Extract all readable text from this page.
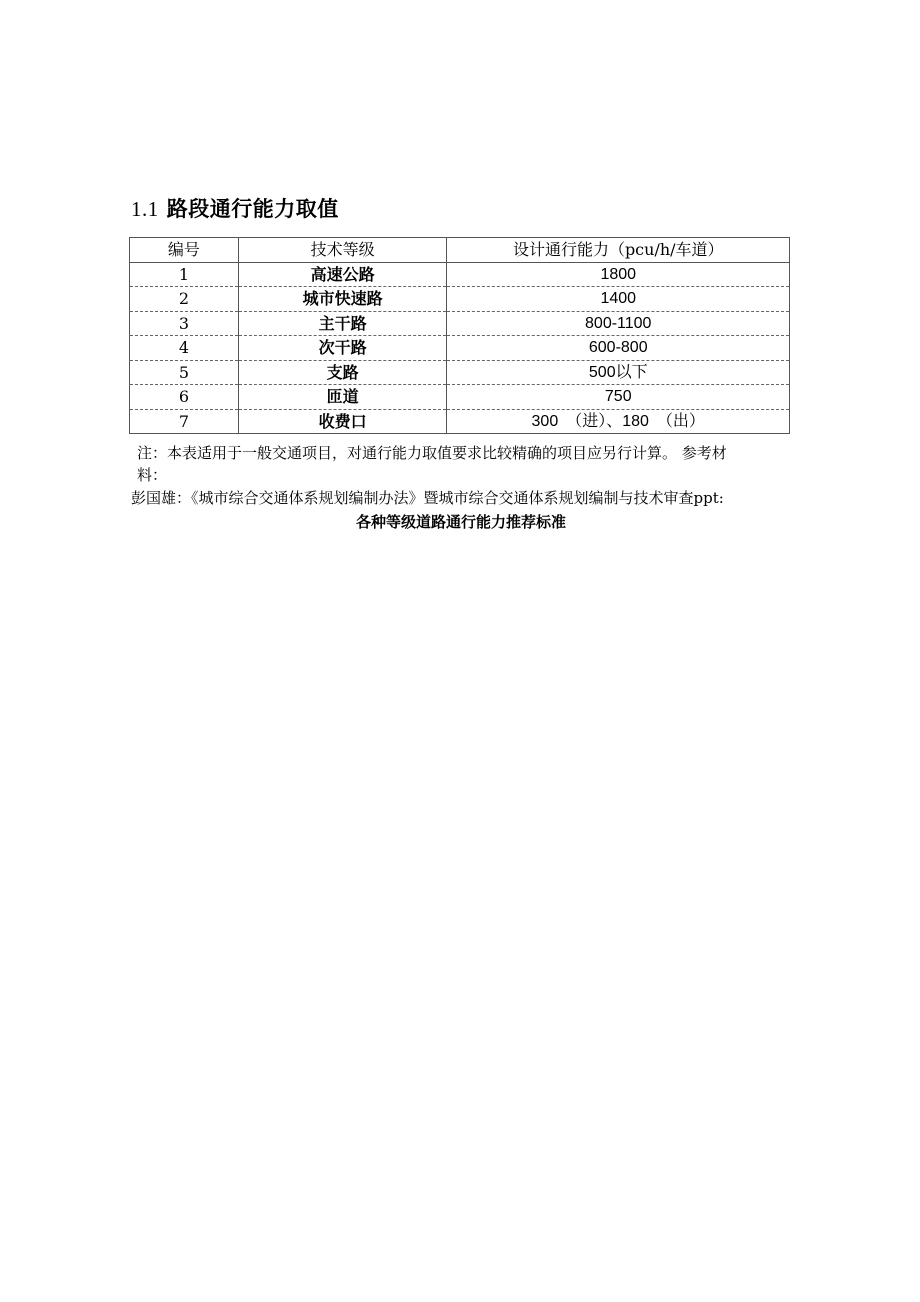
1.1 路段通行能力取值
编号	技术等级	设计通行能力（pcu/h/车道）
1	高速公路	1800
2	城市快速路	1400
3	主干路	800-1100
4	次干路	600-800
5	支路	500以下
6	匝道	750
7	收费口	300　（进）、180　（出）
注：本表适用于一般交通项目，对通行能力取值要求比较精确的项目应另行计算。 参考材
料：
彭国雄：《城市综合交通体系规划编制办法》暨城市综合交通体系规划编制与技术审查ppt:
各种等级道路通行能力推荐标准
